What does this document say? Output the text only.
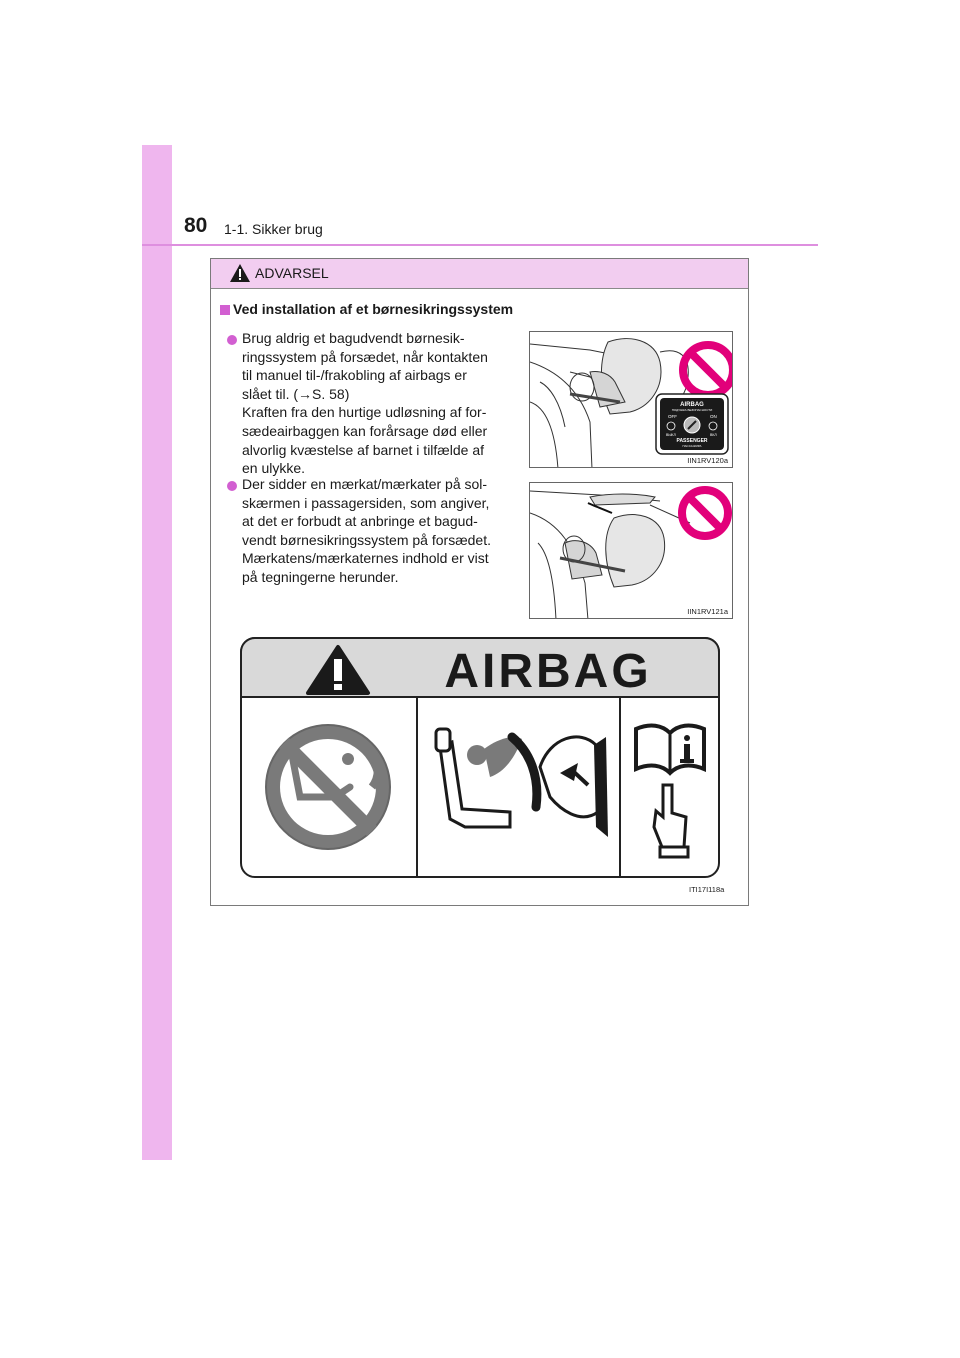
80 1-1. Sikker brug
ADVARSEL
Ved installation af et børnesikringssystem
Brug aldrig et bagudvendt børnesik-
ringssystem på forsædet, når kontakten
til manuel til-/frakobling af airbags er
slået til. (→S. 58)
Kraften fra den hurtige udløsning af for-
sædeairbaggen kan forårsage død eller
alvorlig kvæstelse af barnet i tilfælde af
en ulykke.
AIRBAG
ПОДУШКА БЕЗОПАСНОСТИ
OFF	ON
ВЫКЛ	ВКЛ
PASSENGER
ПАССАЖИРА
IIN1RV120a
Der sidder en mærkat/mærkater på sol-
skærmen i passagersiden, som angiver,
at det er forbudt at anbringe et bagud-
vendt børnesikringssystem på forsædet.
Mærkatens/mærkaternes indhold er vist
på tegningerne herunder.
IIN1RV121a
AIRBAG
ITI17I118a
